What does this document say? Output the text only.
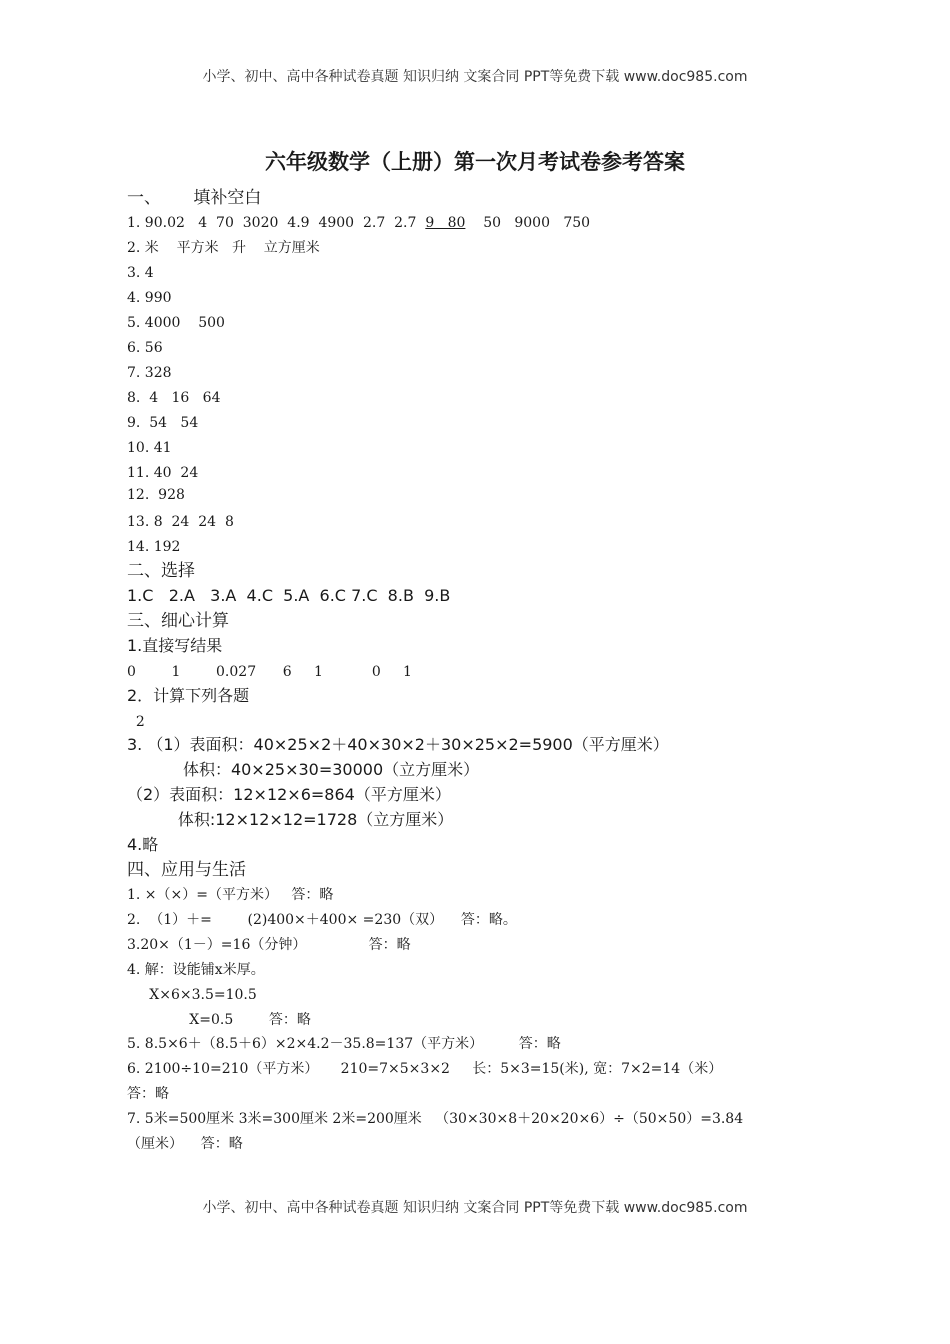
小学、初中、高中各种试卷真题 知识归纳 文案合同 PPT等免费下载 www.doc985.com
六年级数学（上册）第一次月考试卷参考答案
一、      填补空白
1. 90.02   4  70  3020  4.9  4900  2.7  2.7  9   80    50   9000   750
2. 米    平方米   升    立方厘米
3. 4
4. 990
5. 4000    500
6. 56
7. 328
8.  4   16   64
9.  54   54
10. 41
11. 40  24
12.  928
13. 8  24  24  8
14. 192
二、选择
1.C   2.A   3.A  4.C  5.A  6.C 7.C  8.B  9.B
三、细心计算
1.直接写结果
0        1        0.027      6     1           0     1
2．计算下列各题
2
3. （1）表面积：40×25×2＋40×30×2＋30×25×2=5900（平方厘米）
体积：40×25×30=30000（立方厘米）
（2）表面积：12×12×6=864（平方厘米）
体积:12×12×12=1728（立方厘米）
4.略
四、应用与生活
1. ×（×）=（平方米）   答：略
2.  （1）＋=        (2)400×＋400× =230（双）    答：略。
3.20×（1－）=16（分钟）              答：略
4. 解：设能铺x米厚。
X×6×3.5=10.5
X=0.5        答：略
5. 8.5×6＋（8.5＋6）×2×4.2－35.8=137（平方米）        答：略
6. 2100÷10=210（平方米）     210=7×5×3×2     长：5×3=15(米), 宽：7×2=14（米）
答：略
7. 5米=500厘米 3米=300厘米 2米=200厘米   （30×30×8＋20×20×6）÷（50×50）=3.84
（厘米）    答：略
小学、初中、高中各种试卷真题 知识归纳 文案合同 PPT等免费下载 www.doc985.com
